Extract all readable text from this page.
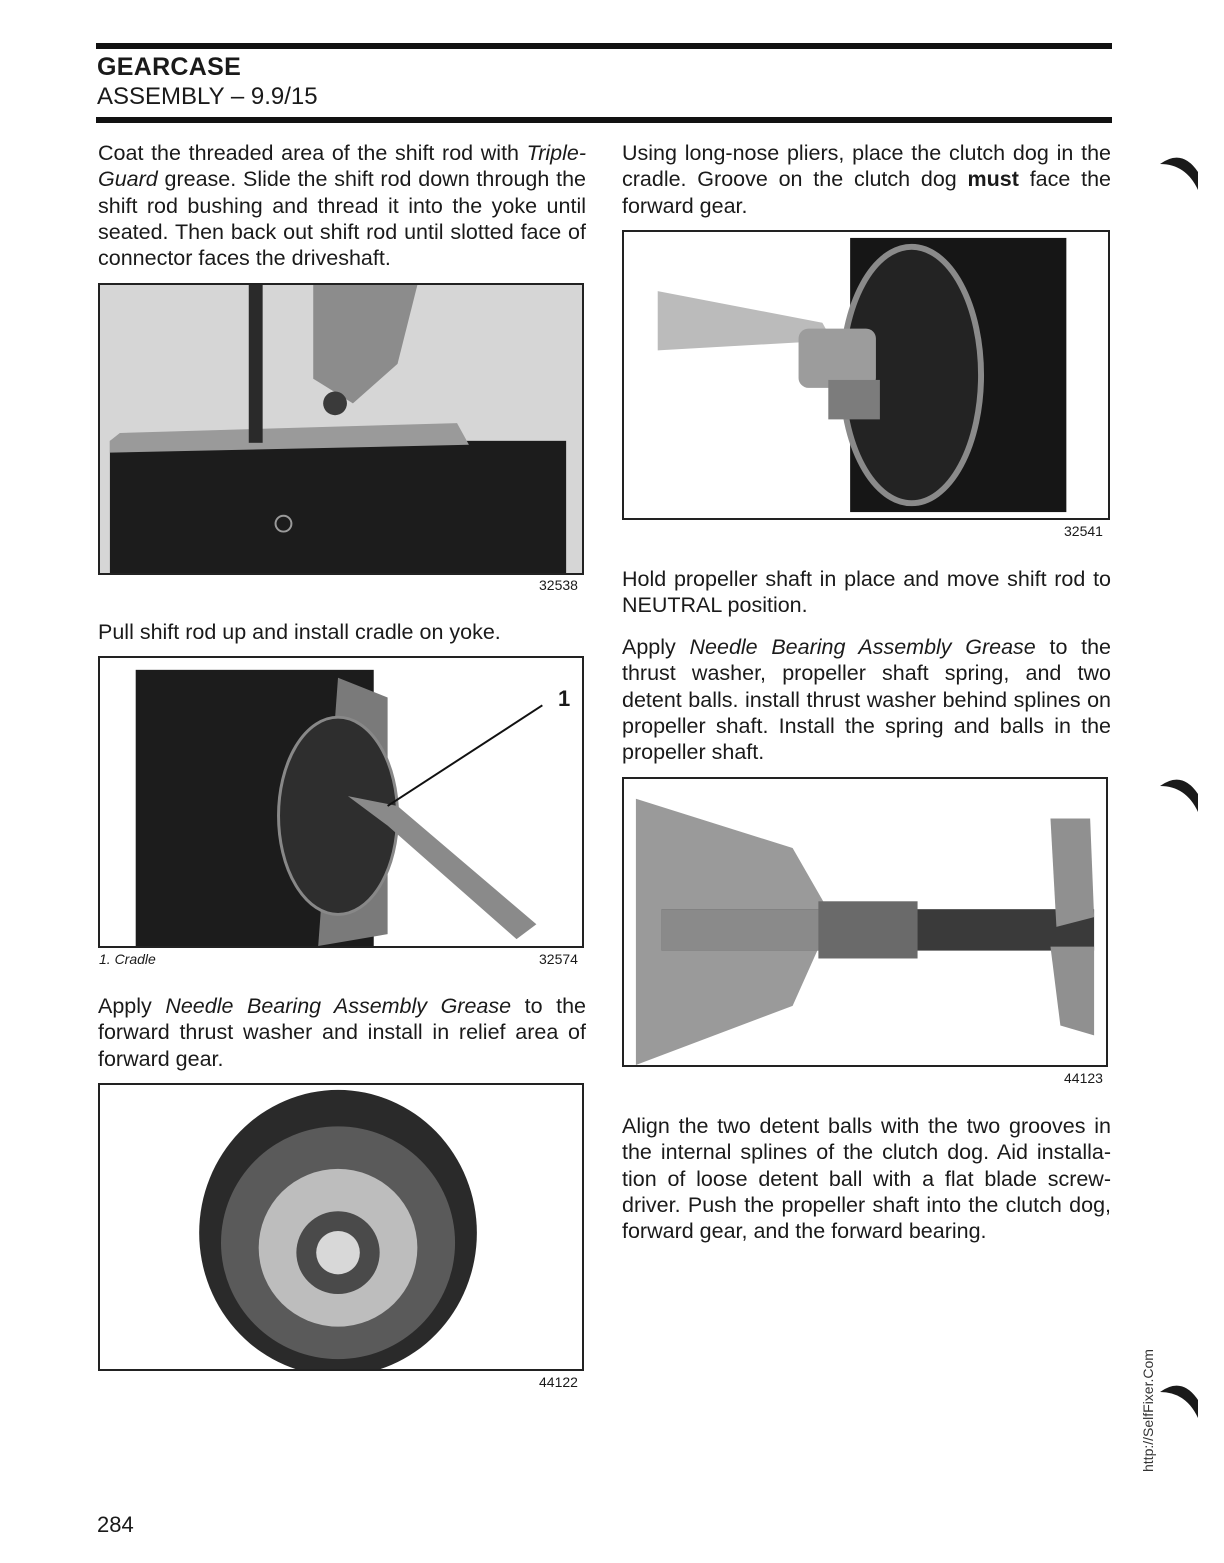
GEARCASE
ASSEMBLY – 9.9/15

Coat the threaded area of the shift rod with Triple-Guard grease. Slide the shift rod down through the shift rod bushing and thread it into the yoke until seated. Then back out shift rod until slotted face of connector faces the driveshaft.

32538

Pull shift rod up and install cradle on yoke.

1
1. Cradle	32574

Apply Needle Bearing Assembly Grease to the forward thrust washer and install in relief area of forward gear.

44122

Using long-nose pliers, place the clutch dog in the cradle. Groove on the clutch dog must face the forward gear.

32541

Hold propeller shaft in place and move shift rod to NEUTRAL position.

Apply Needle Bearing Assembly Grease to the thrust washer, propeller shaft spring, and two detent balls. install thrust washer behind splines on propeller shaft. Install the spring and balls in the propeller shaft.

44123

Align the two detent balls with the two grooves in the internal splines of the clutch dog. Aid installa-tion of loose detent ball with a flat blade screw-driver. Push the propeller shaft into the clutch dog, forward gear, and the forward bearing.

284
http://SelfFixer.Com
